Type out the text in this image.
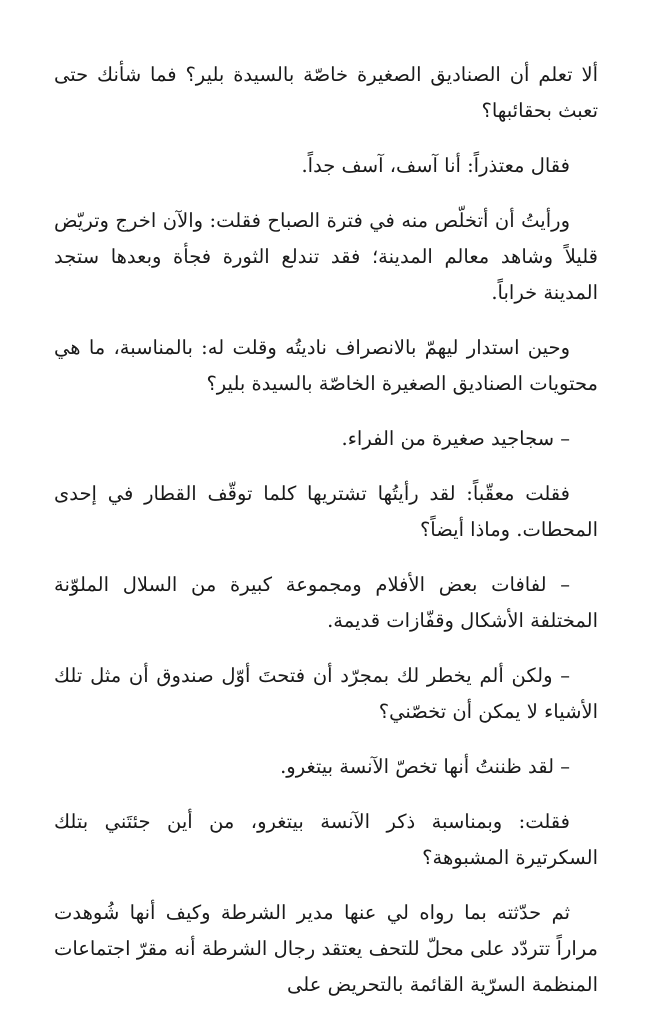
ألا تعلم أن الصناديق الصغيرة خاصّة بالسيدة بلير؟ فما شأنك حتى تعبث بحقائبها؟

فقال معتذراً: أنا آسف، آسف جداً.

ورأيتُ أن أتخلّص منه في فترة الصباح فقلت: والآن اخرج وتريّض قليلاً وشاهد معالم المدينة؛ فقد تندلع الثورة فجأة وبعدها ستجد المدينة خراباً.

وحين استدار ليهمّ بالانصراف ناديتُه وقلت له: بالمناسبة، ما هي محتويات الصناديق الصغيرة الخاصّة بالسيدة بلير؟

– سجاجيد صغيرة من الفراء.

فقلت معقّباً: لقد رأيتُها تشتريها كلما توقّف القطار في إحدى المحطات. وماذا أيضاً؟

– لفافات بعض الأفلام ومجموعة كبيرة من السلال الملوّنة المختلفة الأشكال وقفّازات قديمة.

– ولكن ألم يخطر لك بمجرّد أن فتحتَ أوّل صندوق أن مثل تلك الأشياء لا يمكن أن تخصّني؟

– لقد ظننتُ أنها تخصّ الآنسة بيتغرو.

فقلت: وبمناسبة ذكر الآنسة بيتغرو، من أين جئتَني بتلك السكرتيرة المشبوهة؟

ثم حدّثته بما رواه لي عنها مدير الشرطة وكيف أنها شُوهدت مراراً تتردّد على محلّ للتحف يعتقد رجال الشرطة أنه مقرّ اجتماعات المنظمة السرّية القائمة بالتحريض على
